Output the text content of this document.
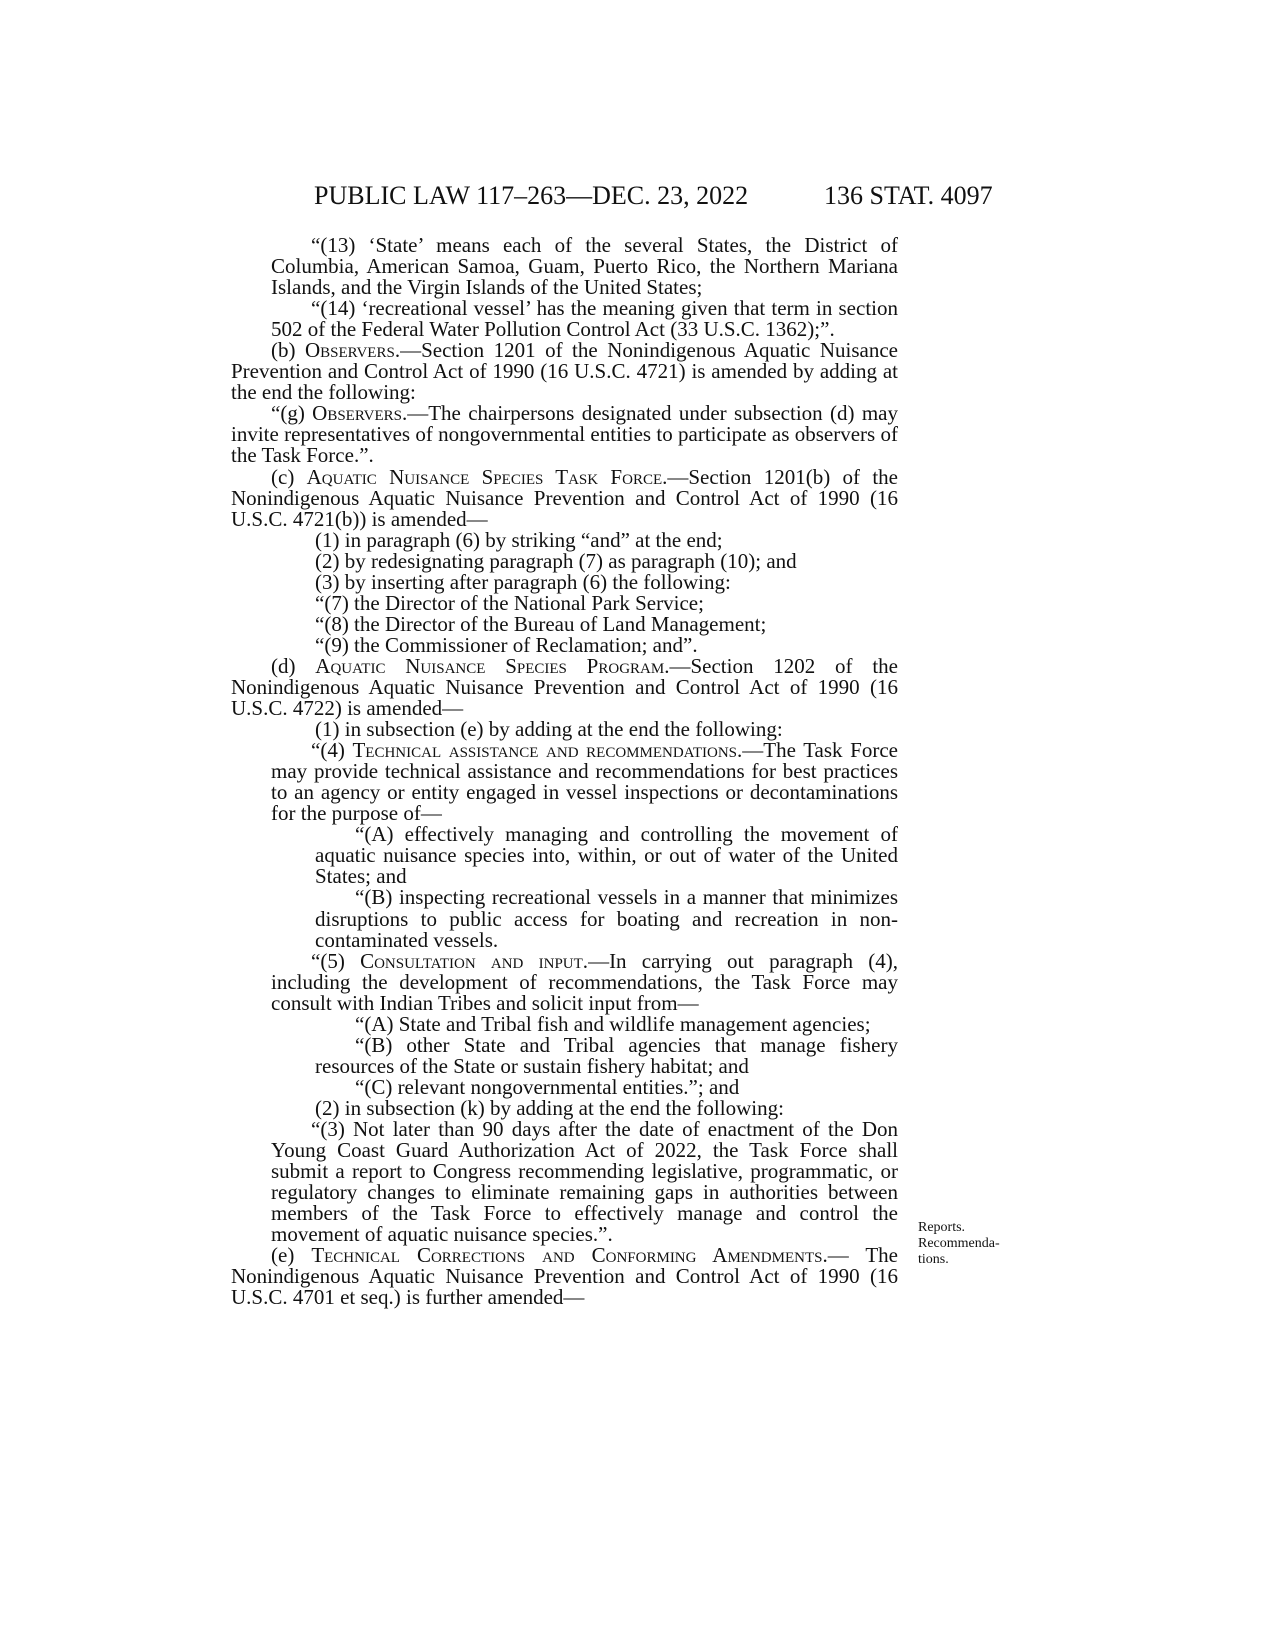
PUBLIC LAW 117–263—DEC. 23, 2022	136 STAT. 4097

“(13) ‘State’ means each of the several States, the District of Columbia, American Samoa, Guam, Puerto Rico, the Northern Mariana Islands, and the Virgin Islands of the United States;

“(14) ‘recreational vessel’ has the meaning given that term in section 502 of the Federal Water Pollution Control Act (33 U.S.C. 1362);”.

(b) Observers.—Section 1201 of the Nonindigenous Aquatic Nuisance Prevention and Control Act of 1990 (16 U.S.C. 4721) is amended by adding at the end the following:

“(g) Observers.—The chairpersons designated under subsection (d) may invite representatives of nongovernmental entities to participate as observers of the Task Force.”.

(c) Aquatic Nuisance Species Task Force.—Section 1201(b) of the Nonindigenous Aquatic Nuisance Prevention and Control Act of 1990 (16 U.S.C. 4721(b)) is amended—

(1) in paragraph (6) by striking “and” at the end;

(2) by redesignating paragraph (7) as paragraph (10); and

(3) by inserting after paragraph (6) the following:

“(7) the Director of the National Park Service;

“(8) the Director of the Bureau of Land Management;

“(9) the Commissioner of Reclamation; and”.

(d) Aquatic Nuisance Species Program.—Section 1202 of the Nonindigenous Aquatic Nuisance Prevention and Control Act of 1990 (16 U.S.C. 4722) is amended—

(1) in subsection (e) by adding at the end the following:

“(4) Technical assistance and recommendations.—The Task Force may provide technical assistance and recommendations for best practices to an agency or entity engaged in vessel inspections or decontaminations for the purpose of—

“(A) effectively managing and controlling the movement of aquatic nuisance species into, within, or out of water of the United States; and

“(B) inspecting recreational vessels in a manner that minimizes disruptions to public access for boating and recreation in non-contaminated vessels.

“(5) Consultation and input.—In carrying out paragraph (4), including the development of recommendations, the Task Force may consult with Indian Tribes and solicit input from—

“(A) State and Tribal fish and wildlife management agencies;

“(B) other State and Tribal agencies that manage fishery resources of the State or sustain fishery habitat; and

“(C) relevant nongovernmental entities.”; and

(2) in subsection (k) by adding at the end the following:

“(3) Not later than 90 days after the date of enactment of the Don Young Coast Guard Authorization Act of 2022, the Task Force shall submit a report to Congress recommending legislative, programmatic, or regulatory changes to eliminate remaining gaps in authorities between members of the Task Force to effectively manage and control the movement of aquatic nuisance species.”.

(e) Technical Corrections and Conforming Amendments.— The Nonindigenous Aquatic Nuisance Prevention and Control Act of 1990 (16 U.S.C. 4701 et seq.) is further amended—

Reports.
Recommenda-
tions.
